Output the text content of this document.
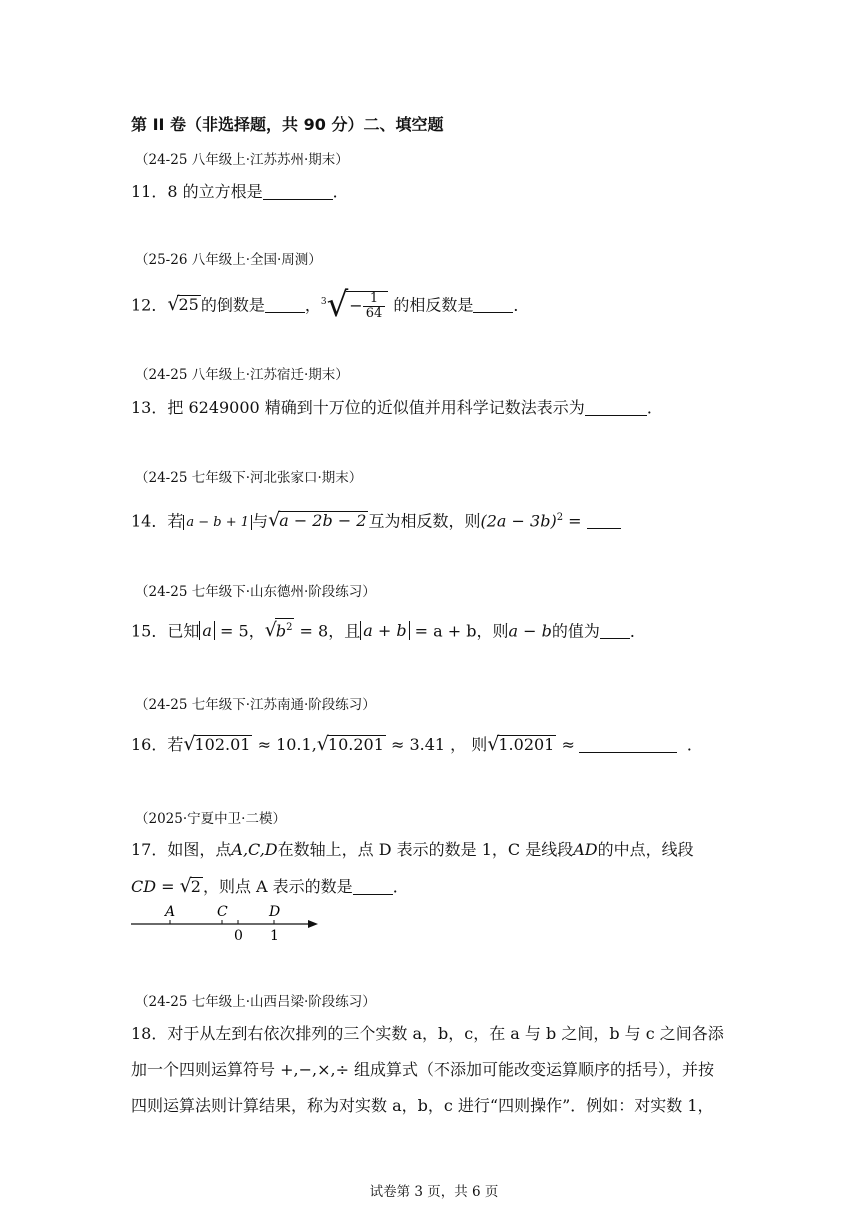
第 II 卷（非选择题，共 90 分）二、填空题
（24-25 八年级上·江苏苏州·期末）
11．8 的立方根是	．
（25-26 八年级上·全国·周测）
12．√25 的倒数是	，$^3√- \frac{1}{64}$ 的相反数是	．
（24-25 八年级上·江苏宿迁·期末）
13．把 6249000 精确到十万位的近似值并用科学记数法表示为	．
（24-25 七年级下·河北张家口·期末）
14．若 a − b + 1 与√a − 2b − 2 互为相反数，则$(2a - 3b)^2$ =
（24-25 七年级下·山东德州·阶段练习）
15．已知 a = 5，$√b^2 = 8$，且 a + b = a + b，则a − b的值为 ．
（24-25 七年级下·江苏南通·阶段练习）
16．若√102.01 ≈ 10.1,√10.201 ≈ 3.41 ， 则√1.0201 ≈	．
（2025·宁夏中卫·二模）
17．如图，点A,C,D在数轴上，点 D 表示的数是 1，C 是线段AD的中点，线段
CD = √2 ，则点 A 表示的数是	．
A	C	D
0 1
（24-25 七年级上·山西吕梁·阶段练习）
18．对于从左到右依次排列的三个实数 a，b，c，在 a 与 b 之间，b 与 c 之间各添
加一个四则运算符号 +,−,×,÷ 组成算式（不添加可能改变运算顺序的括号），并按
四则运算法则计算结果，称为对实数 a，b，c 进行“四则操作”．例如：对实数 1，
试卷第 3 页，共 6 页
